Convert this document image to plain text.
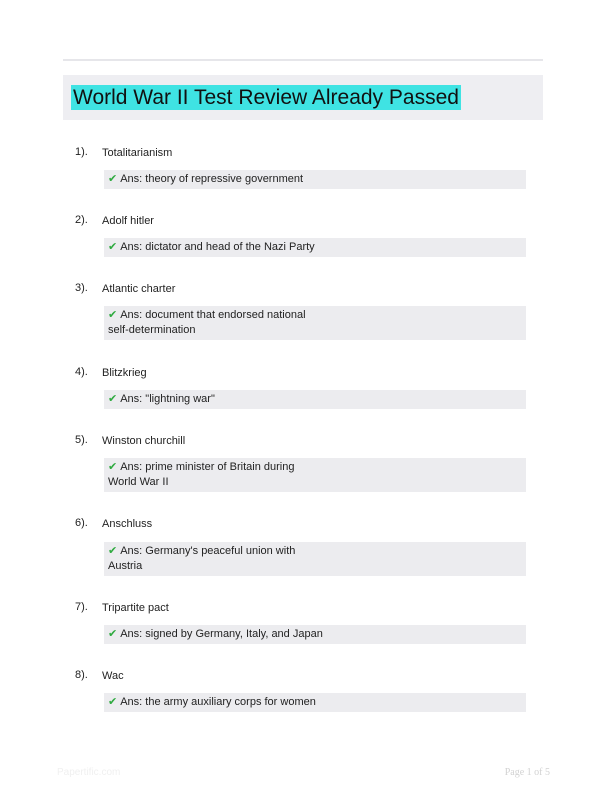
World War II Test Review Already Passed
1). Totalitarianism
✔ Ans: theory of repressive government
2). Adolf hitler
✔ Ans: dictator and head of the Nazi Party
3). Atlantic charter
✔ Ans: document that endorsed national
self-determination
4). Blitzkrieg
✔ Ans: "lightning war"
5). Winston churchill
✔ Ans: prime minister of Britain during
World War II
6). Anschluss
✔ Ans: Germany's peaceful union with
Austria
7). Tripartite pact
✔ Ans: signed by Germany, Italy, and Japan
8). Wac
✔ Ans: the army auxiliary corps for women
Papertific.com	Page 1 of 5
